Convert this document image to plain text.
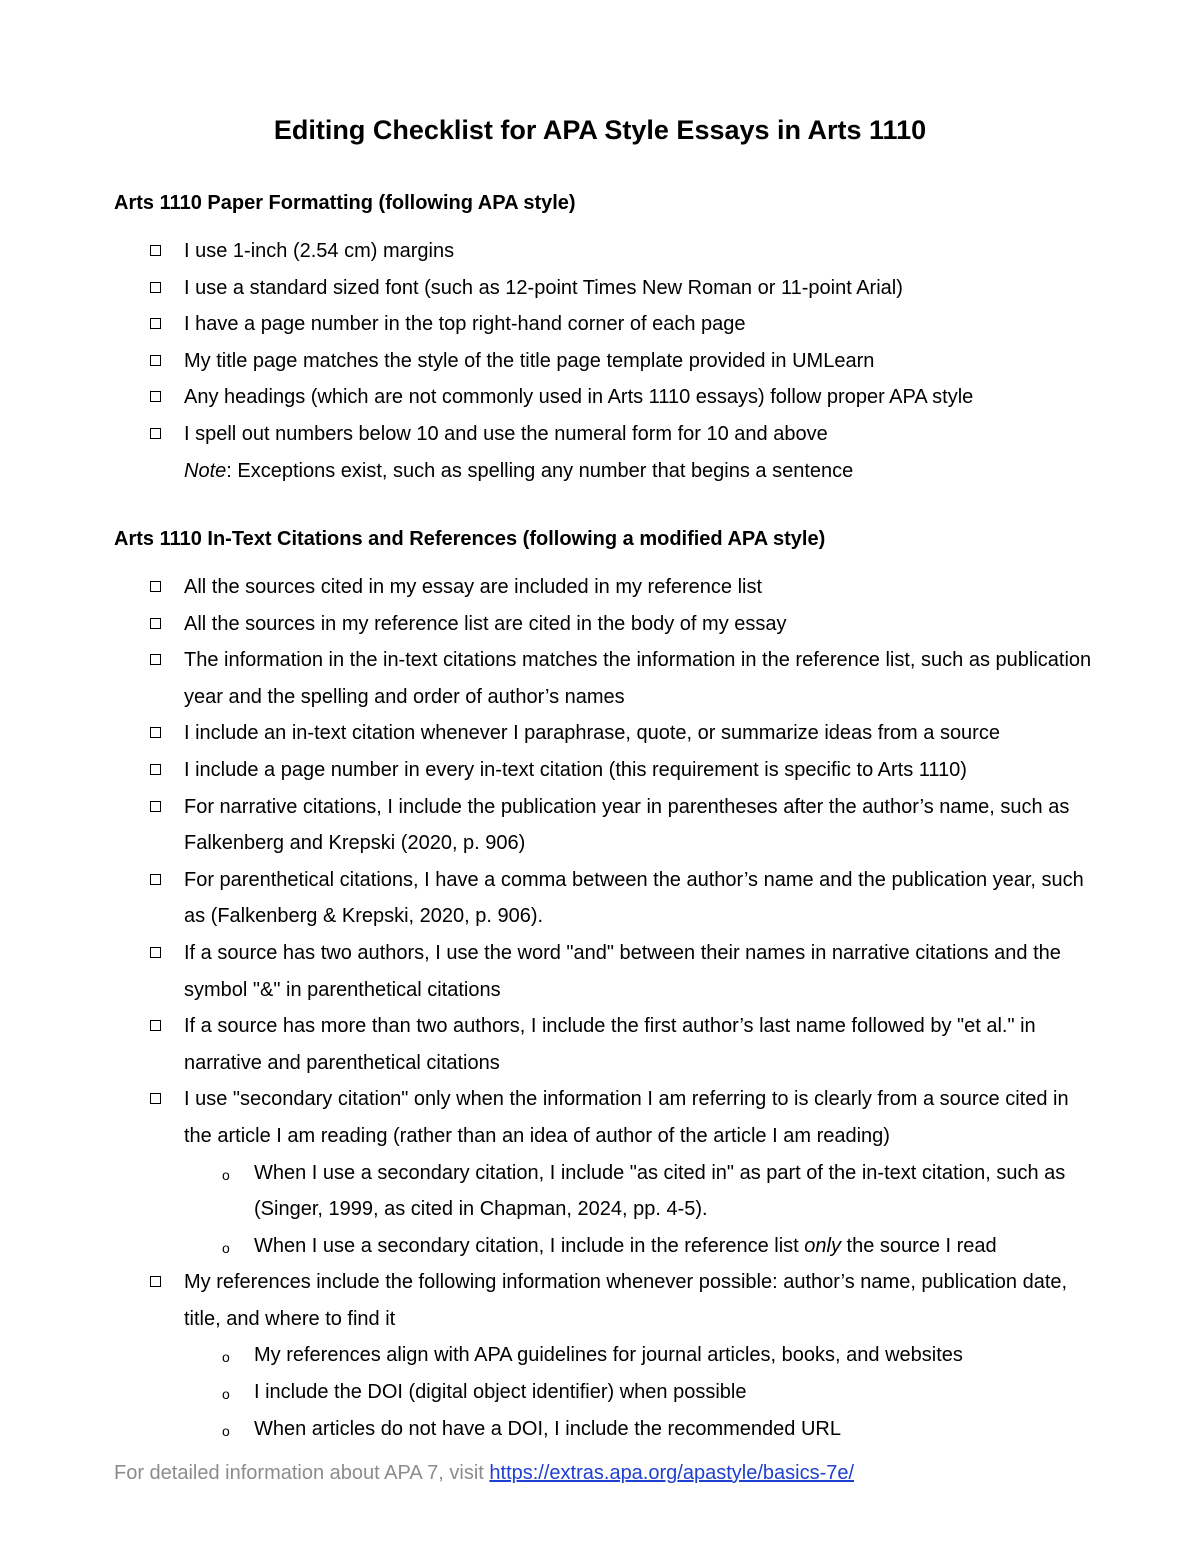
Editing Checklist for APA Style Essays in Arts 1110
Arts 1110 Paper Formatting (following APA style)
I use 1-inch (2.54 cm) margins
I use a standard sized font (such as 12-point Times New Roman or 11-point Arial)
I have a page number in the top right-hand corner of each page
My title page matches the style of the title page template provided in UMLearn
Any headings (which are not commonly used in Arts 1110 essays) follow proper APA style
I spell out numbers below 10 and use the numeral form for 10 and above
Note: Exceptions exist, such as spelling any number that begins a sentence
Arts 1110 In-Text Citations and References (following a modified APA style)
All the sources cited in my essay are included in my reference list
All the sources in my reference list are cited in the body of my essay
The information in the in-text citations matches the information in the reference list, such as publication year and the spelling and order of author’s names
I include an in-text citation whenever I paraphrase, quote, or summarize ideas from a source
I include a page number in every in-text citation (this requirement is specific to Arts 1110)
For narrative citations, I include the publication year in parentheses after the author’s name, such as Falkenberg and Krepski (2020, p. 906)
For parenthetical citations, I have a comma between the author’s name and the publication year, such as (Falkenberg & Krepski, 2020, p. 906).
If a source has two authors, I use the word "and" between their names in narrative citations and the symbol "&" in parenthetical citations
If a source has more than two authors, I include the first author’s last name followed by "et al." in narrative and parenthetical citations
I use "secondary citation" only when the information I am referring to is clearly from a source cited in the article I am reading (rather than an idea of author of the article I am reading)
o When I use a secondary citation, I include "as cited in" as part of the in-text citation, such as (Singer, 1999, as cited in Chapman, 2024, pp. 4-5).
o When I use a secondary citation, I include in the reference list only the source I read
My references include the following information whenever possible: author’s name, publication date, title, and where to find it
o My references align with APA guidelines for journal articles, books, and websites
o I include the DOI (digital object identifier) when possible
o When articles do not have a DOI, I include the recommended URL
For detailed information about APA 7, visit https://extras.apa.org/apastyle/basics-7e/
